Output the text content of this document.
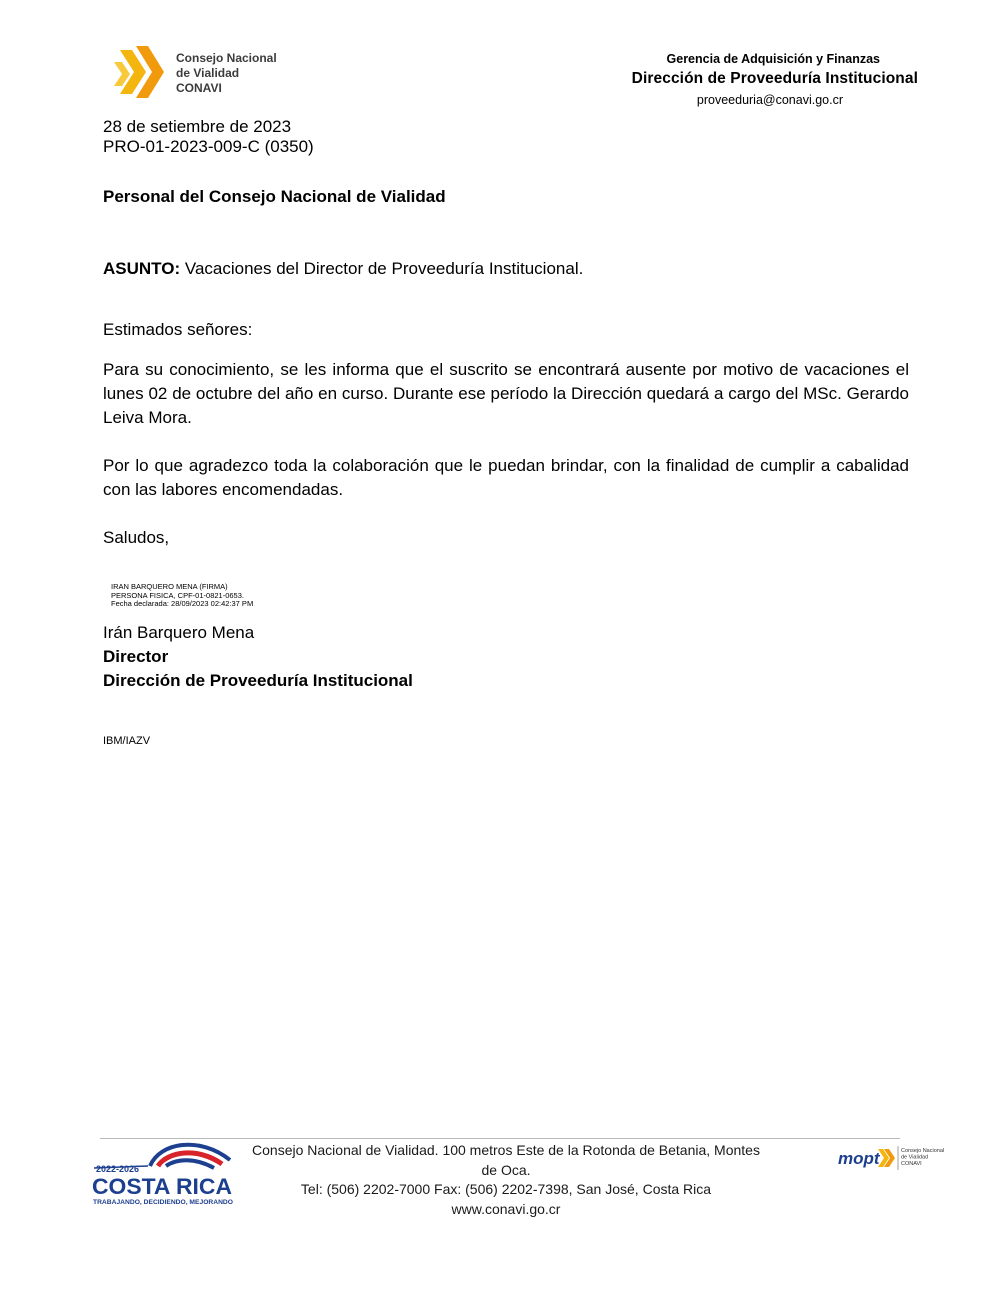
Consejo Nacional
de Vialidad
CONAVI
Gerencia de Adquisición y Finanzas
Dirección de Proveeduría Institucional
proveeduria@conavi.go.cr
28 de setiembre de 2023
PRO-01-2023-009-C (0350)
Personal del Consejo Nacional de Vialidad
ASUNTO: Vacaciones del Director de Proveeduría Institucional.
Estimados señores:
Para su conocimiento, se les informa que el suscrito se encontrará ausente por motivo de vacaciones el lunes 02 de octubre del año en curso. Durante ese período la Dirección quedará a cargo del MSc. Gerardo Leiva Mora.
Por lo que agradezco toda la colaboración que le puedan brindar, con la finalidad de cumplir a cabalidad con las labores encomendadas.
Saludos,
IRAN BARQUERO MENA (FIRMA)
PERSONA FISICA, CPF-01-0821-0653.
Fecha declarada: 28/09/2023 02:42:37 PM
Irán Barquero Mena
Director
Dirección de Proveeduría Institucional
IBM/IAZV
2022-2026
COSTA RICA
TRABAJANDO, DECIDIENDO, MEJORANDO
Consejo Nacional de Vialidad. 100 metros Este de la Rotonda de Betania, Montes de Oca.
Tel: (506) 2202-7000 Fax: (506) 2202-7398, San José, Costa Rica
www.conavi.go.cr
mopt	Consejo Nacional
de Vialidad
CONAVI
